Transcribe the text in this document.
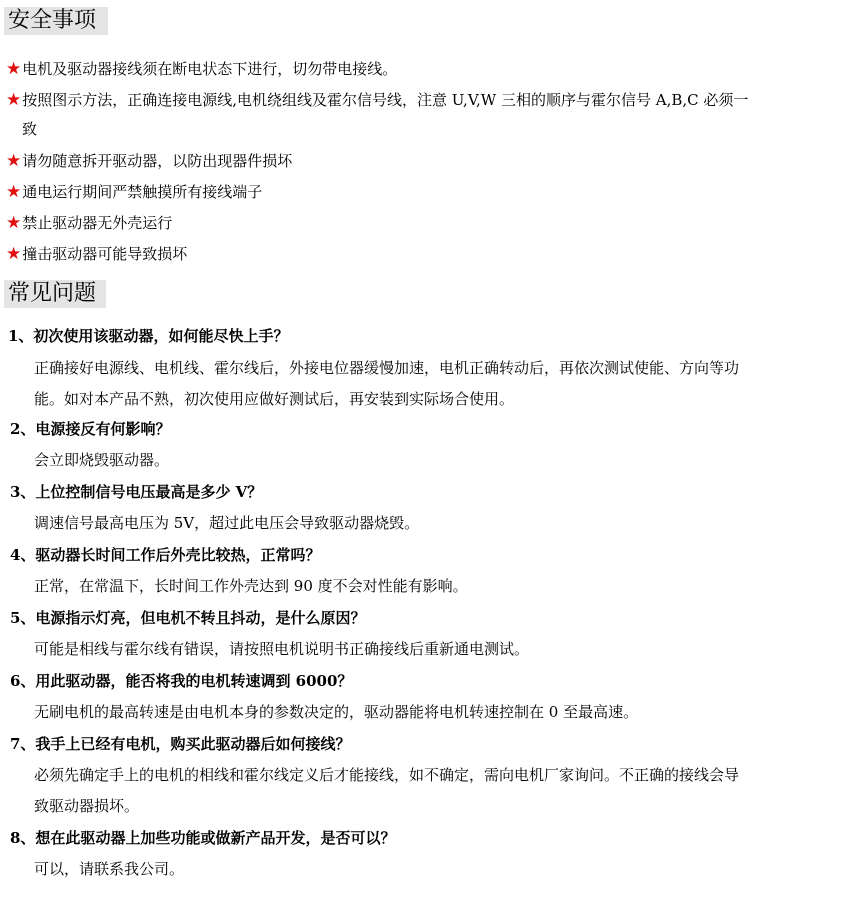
安全事项
★电机及驱动器接线须在断电状态下进行，切勿带电接线。
★按照图示方法，正确连接电源线,电机绕组线及霍尔信号线，注意 U,V,W 三相的顺序与霍尔信号 A,B,C 必须一
致
★请勿随意拆开驱动器，以防出现器件损坏
★通电运行期间严禁触摸所有接线端子
★禁止驱动器无外壳运行
★撞击驱动器可能导致损坏
常见问题
1、初次使用该驱动器，如何能尽快上手？
正确接好电源线、电机线、霍尔线后，外接电位器缓慢加速，电机正确转动后，再依次测试使能、方向等功
能。如对本产品不熟，初次使用应做好测试后，再安装到实际场合使用。
2、电源接反有何影响？
会立即烧毁驱动器。
3、上位控制信号电压最高是多少 V？
调速信号最高电压为 5V，超过此电压会导致驱动器烧毁。
4、驱动器长时间工作后外壳比较热，正常吗？
正常，在常温下，长时间工作外壳达到 90 度不会对性能有影响。
5、电源指示灯亮，但电机不转且抖动，是什么原因？
可能是相线与霍尔线有错误，请按照电机说明书正确接线后重新通电测试。
6、用此驱动器，能否将我的电机转速调到 6000？
无刷电机的最高转速是由电机本身的参数决定的，驱动器能将电机转速控制在 0 至最高速。
7、我手上已经有电机，购买此驱动器后如何接线？
必须先确定手上的电机的相线和霍尔线定义后才能接线，如不确定，需向电机厂家询问。不正确的接线会导
致驱动器损坏。
8、想在此驱动器上加些功能或做新产品开发，是否可以？
可以，请联系我公司。
